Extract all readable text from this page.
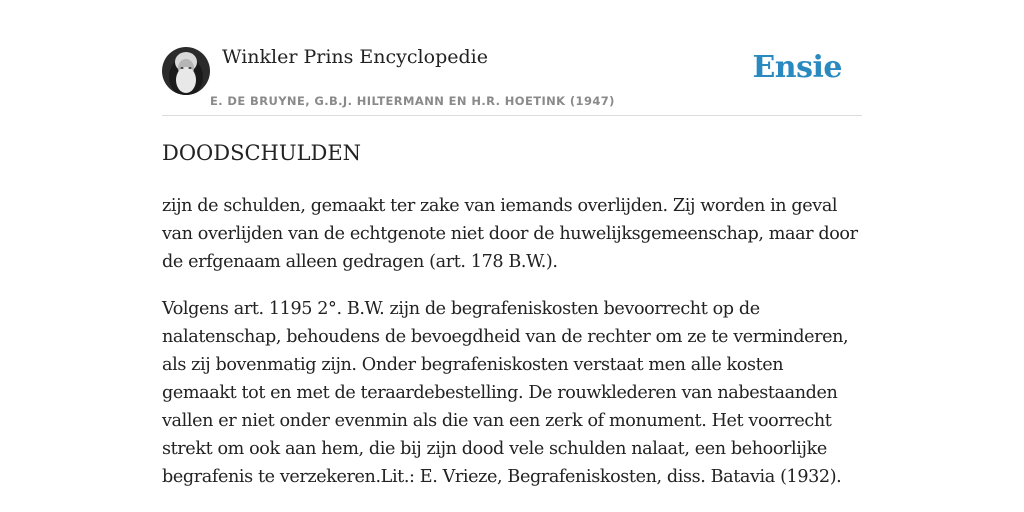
Winkler Prins Encyclopedie
E. DE BRUYNE, G.B.J. HILTERMANN EN H.R. HOETINK (1947)
Ensie
DOODSCHULDEN

zijn de schulden, gemaakt ter zake van iemands overlijden. Zij worden in geval van overlijden van de echtgenote niet door de huwelijksgemeenschap, maar door de erfgenaam alleen gedragen (art. 178 B.W.).

Volgens art. 1195 2°. B.W. zijn de begrafeniskosten bevoorrecht op de nalatenschap, behoudens de bevoegdheid van de rechter om ze te verminderen, als zij bovenmatig zijn. Onder begrafeniskosten verstaat men alle kosten gemaakt tot en met de teraardebestelling. De rouwklederen van nabestaanden vallen er niet onder evenmin als die van een zerk of monument. Het voorrecht strekt om ook aan hem, die bij zijn dood vele schulden nalaat, een behoorlijke begrafenis te verzekeren.Lit.: E. Vrieze, Begrafeniskosten, diss. Batavia (1932).
